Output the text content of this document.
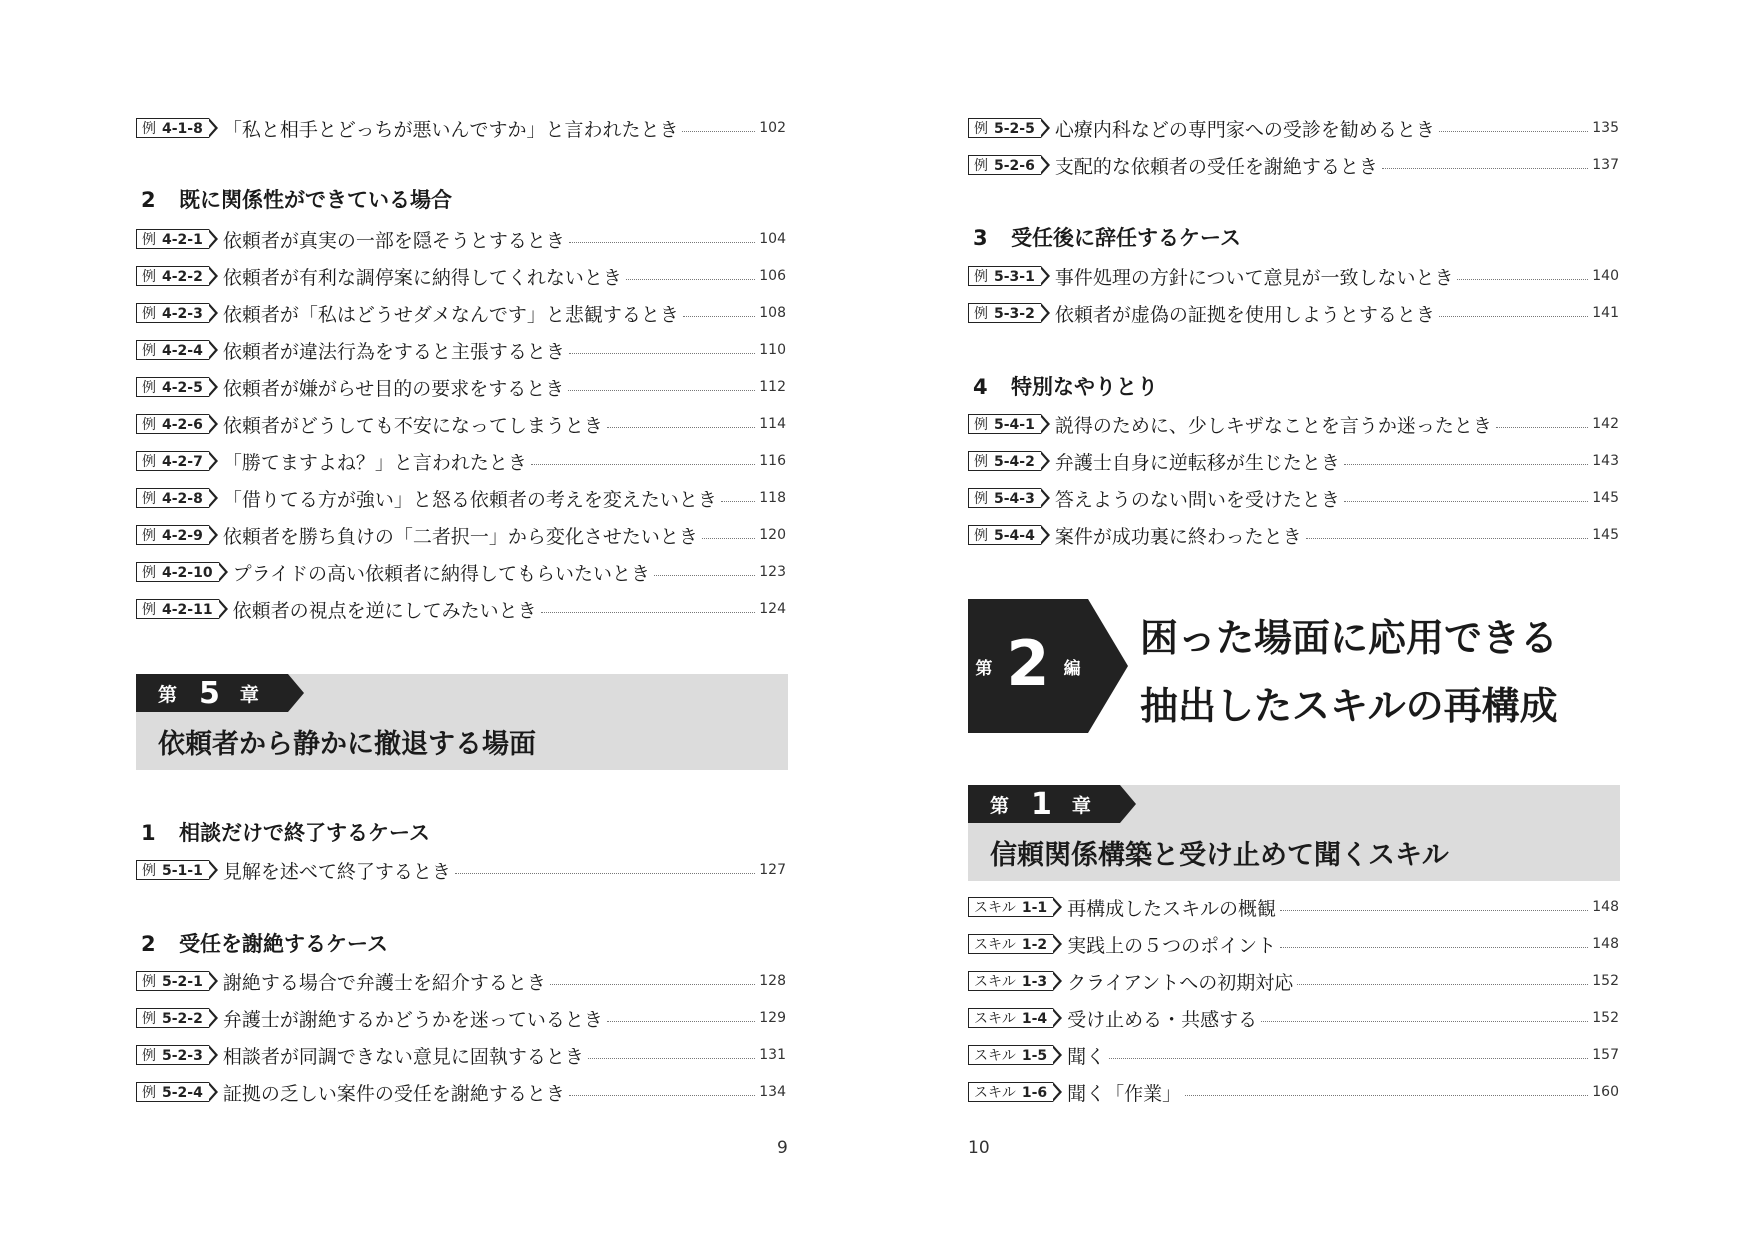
例 4-1-8	「私と相手とどっちが悪いんですか」と言われたとき	102
2 既に関係性ができている場合
例 4-2-1	依頼者が真実の一部を隠そうとするとき	104
例 4-2-2	依頼者が有利な調停案に納得してくれないとき	106
例 4-2-3	依頼者が「私はどうせダメなんです」と悲観するとき	108
例 4-2-4	依頼者が違法行為をすると主張するとき	110
例 4-2-5	依頼者が嫌がらせ目的の要求をするとき	112
例 4-2-6	依頼者がどうしても不安になってしまうとき	114
例 4-2-7	「勝てますよね？」と言われたとき	116
例 4-2-8	「借りてる方が強い」と怒る依頼者の考えを変えたいとき	118
例 4-2-9	依頼者を勝ち負けの「二者択一」から変化させたいとき	120
例 4-2-10	プライドの高い依頼者に納得してもらいたいとき	123
例 4-2-11	依頼者の視点を逆にしてみたいとき	124
第 5 章
依頼者から静かに撤退する場面
1 相談だけで終了するケース
例 5-1-1	見解を述べて終了するとき	127
2 受任を謝絶するケース
例 5-2-1	謝絶する場合で弁護士を紹介するとき	128
例 5-2-2	弁護士が謝絶するかどうかを迷っているとき	129
例 5-2-3	相談者が同調できない意見に固執するとき	131
例 5-2-4	証拠の乏しい案件の受任を謝絶するとき	134
9
例 5-2-5	心療内科などの専門家への受診を勧めるとき	135
例 5-2-6	支配的な依頼者の受任を謝絶するとき	137
3 受任後に辞任するケース
例 5-3-1	事件処理の方針について意見が一致しないとき	140
例 5-3-2	依頼者が虚偽の証拠を使用しようとするとき	141
4 特別なやりとり
例 5-4-1	説得のために、少しキザなことを言うか迷ったとき	142
例 5-4-2	弁護士自身に逆転移が生じたとき	143
例 5-4-3	答えようのない問いを受けたとき	145
例 5-4-4	案件が成功裏に終わったとき	145
第 2 編
困った場面に応用できる
抽出したスキルの再構成
第 1 章
信頼関係構築と受け止めて聞くスキル
スキル 1-1	再構成したスキルの概観	148
スキル 1-2	実践上の５つのポイント	148
スキル 1-3	クライアントへの初期対応	152
スキル 1-4	受け止める・共感する	152
スキル 1-5	聞く	157
スキル 1-6	聞く「作業」	160
10
